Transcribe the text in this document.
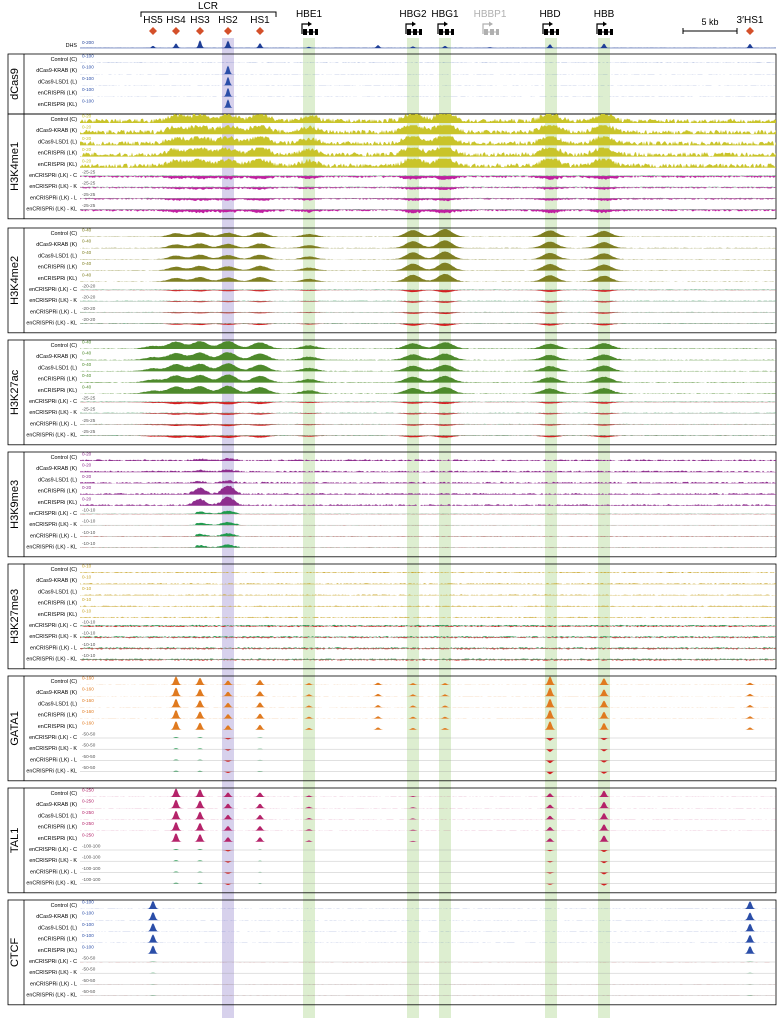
LCR
5 kb
HS5 HS4 HS3 HS2 HS1
HBE1	HBG2 HBG1 HBBP1	HBD	HBB
3′HS1
DHS
0-200
dCas9
Control (C)
0-100
dCas9-KRAB (K)
0-100
dCas9-LSD1 (L)
0-100
enCRISPRi (LK)
0-100
enCRISPRi (KL)
0-100
H3K4me1
Control (C)
0-20
dCas9-KRAB (K)
0-20
dCas9-LSD1 (L)
0-20
enCRISPRi (LK)
0-20
enCRISPRi (KL)
0-20
enCRISPRi (LK) - C
-25-25
enCRISPRi (LK) - K
-25-25
enCRISPRi (LK) - L
-25-25
enCRISPRi (LK) - KL
-25-25
H3K4me2
Control (C)
0-40
dCas9-KRAB (K)
0-40
dCas9-LSD1 (L)
0-40
enCRISPRi (LK)
0-40
enCRISPRi (KL)
0-40
enCRISPRi (LK) - C
-20-20
enCRISPRi (LK) - K
-20-20
enCRISPRi (LK) - L
-20-20
enCRISPRi (LK) - KL
-20-20
H3K27ac
Control (C)
0-40
dCas9-KRAB (K)
0-40
dCas9-LSD1 (L)
0-40
enCRISPRi (LK)
0-40
enCRISPRi (KL)
0-40
enCRISPRi (LK) - C
-25-25
enCRISPRi (LK) - K
-25-25
enCRISPRi (LK) - L
-25-25
enCRISPRi (LK) - KL
-25-25
H3K9me3
Control (C)
0-20
dCas9-KRAB (K)
0-20
dCas9-LSD1 (L)
0-20
enCRISPRi (LK)
0-20
enCRISPRi (KL)
0-20
enCRISPRi (LK) - C
-10-10
enCRISPRi (LK) - K
-10-10
enCRISPRi (LK) - L
-10-10
enCRISPRi (LK) - KL
-10-10
H3K27me3
Control (C)
0-10
dCas9-KRAB (K)
0-10
dCas9-LSD1 (L)
0-10
enCRISPRi (LK)
0-10
enCRISPRi (KL)
0-10
enCRISPRi (LK) - C
-10-10
enCRISPRi (LK) - K
-10-10
enCRISPRi (LK) - L
-10-10
enCRISPRi (LK) - KL
-10-10
GATA1
Control (C)
0-160
dCas9-KRAB (K)
0-160
dCas9-LSD1 (L)
0-160
enCRISPRi (LK)
0-160
enCRISPRi (KL)
0-160
enCRISPRi (LK) - C
-50-50
enCRISPRi (LK) - K
-50-50
enCRISPRi (LK) - L
-50-50
enCRISPRi (LK) - KL
-50-50
TAL1
Control (C)
0-250
dCas9-KRAB (K)
0-250
dCas9-LSD1 (L)
0-250
enCRISPRi (LK)
0-250
enCRISPRi (KL)
0-250
enCRISPRi (LK) - C
-100-100
enCRISPRi (LK) - K
-100-100
enCRISPRi (LK) - L
-100-100
enCRISPRi (LK) - KL
-100-100
CTCF
Control (C)
0-100
dCas9-KRAB (K)
0-100
dCas9-LSD1 (L)
0-100
enCRISPRi (LK)
0-100
enCRISPRi (KL)
0-100
enCRISPRi (LK) - C
-50-50
enCRISPRi (LK) - K
-50-50
enCRISPRi (LK) - L
-50-50
enCRISPRi (LK) - KL
-50-50
